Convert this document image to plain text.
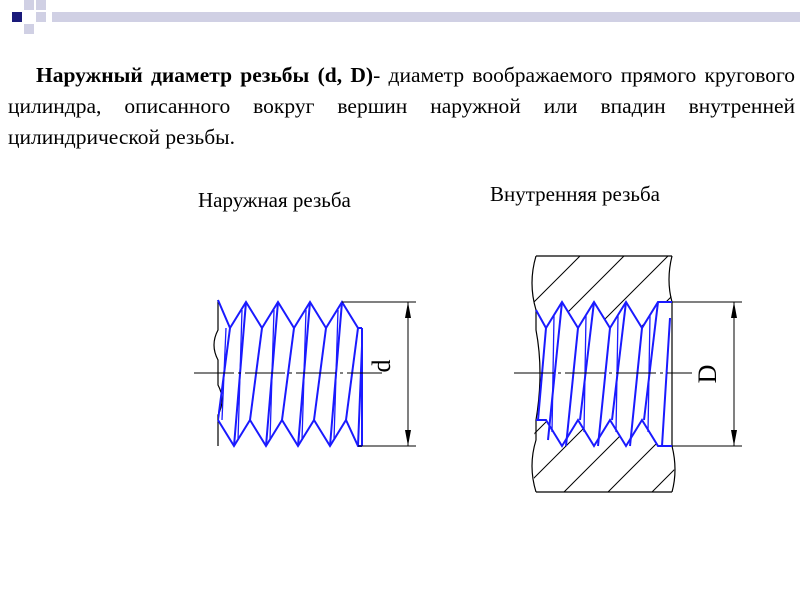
Наружный диаметр резьбы (d, D)- диаметр воображаемого прямого кругового цилиндра, описанного вокруг вершин наружной или впадин внутренней цилиндрической резьбы.

Наружная резьба	Внутренняя резьба
d	D
